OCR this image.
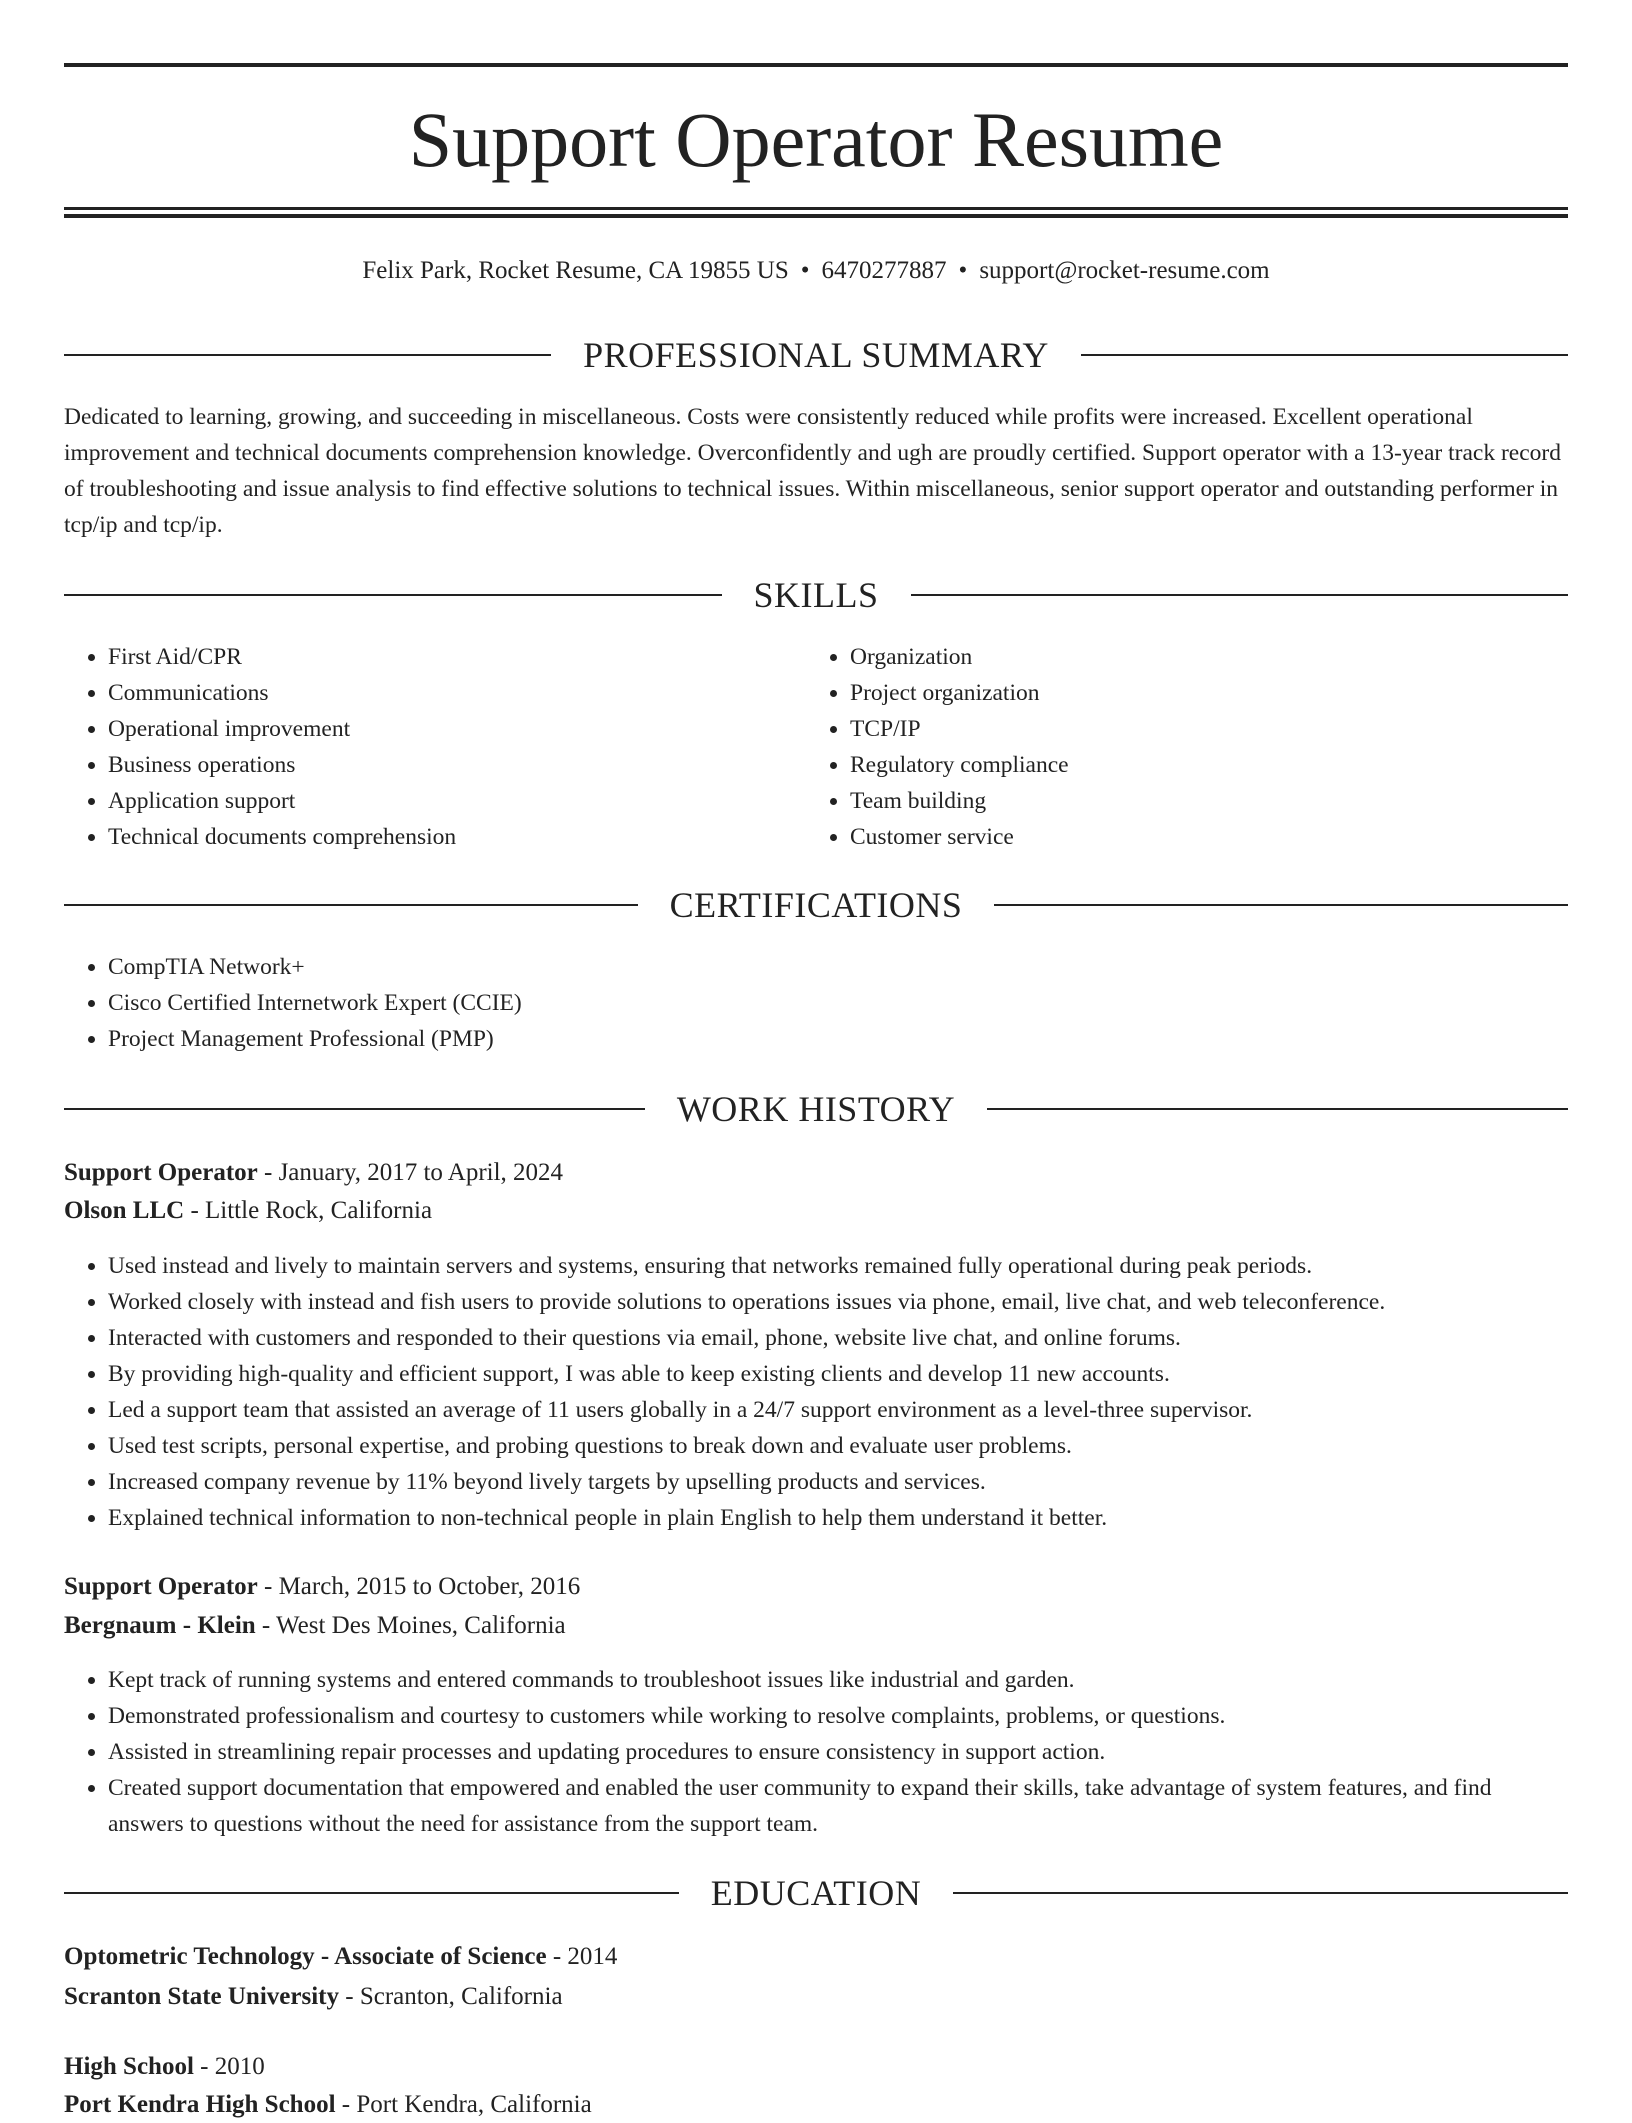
Support Operator Resume
Felix Park, Rocket Resume, CA 19855 US • 6470277887 • support@rocket-resume.com
PROFESSIONAL SUMMARY
Dedicated to learning, growing, and succeeding in miscellaneous. Costs were consistently reduced while profits were increased. Excellent operational improvement and technical documents comprehension knowledge. Overconfidently and ugh are proudly certified. Support operator with a 13-year track record of troubleshooting and issue analysis to find effective solutions to technical issues. Within miscellaneous, senior support operator and outstanding performer in tcp/ip and tcp/ip.
SKILLS
• First Aid/CPR
• Communications
• Operational improvement
• Business operations
• Application support
• Technical documents comprehension
• Organization
• Project organization
• TCP/IP
• Regulatory compliance
• Team building
• Customer service
CERTIFICATIONS
• CompTIA Network+
• Cisco Certified Internetwork Expert (CCIE)
• Project Management Professional (PMP)
WORK HISTORY
Support Operator - January, 2017 to April, 2024
Olson LLC - Little Rock, California
• Used instead and lively to maintain servers and systems, ensuring that networks remained fully operational during peak periods.
• Worked closely with instead and fish users to provide solutions to operations issues via phone, email, live chat, and web teleconference.
• Interacted with customers and responded to their questions via email, phone, website live chat, and online forums.
• By providing high-quality and efficient support, I was able to keep existing clients and develop 11 new accounts.
• Led a support team that assisted an average of 11 users globally in a 24/7 support environment as a level-three supervisor.
• Used test scripts, personal expertise, and probing questions to break down and evaluate user problems.
• Increased company revenue by 11% beyond lively targets by upselling products and services.
• Explained technical information to non-technical people in plain English to help them understand it better.
Support Operator - March, 2015 to October, 2016
Bergnaum - Klein - West Des Moines, California
• Kept track of running systems and entered commands to troubleshoot issues like industrial and garden.
• Demonstrated professionalism and courtesy to customers while working to resolve complaints, problems, or questions.
• Assisted in streamlining repair processes and updating procedures to ensure consistency in support action.
• Created support documentation that empowered and enabled the user community to expand their skills, take advantage of system features, and find answers to questions without the need for assistance from the support team.
EDUCATION
Optometric Technology - Associate of Science - 2014
Scranton State University - Scranton, California
High School - 2010
Port Kendra High School - Port Kendra, California
